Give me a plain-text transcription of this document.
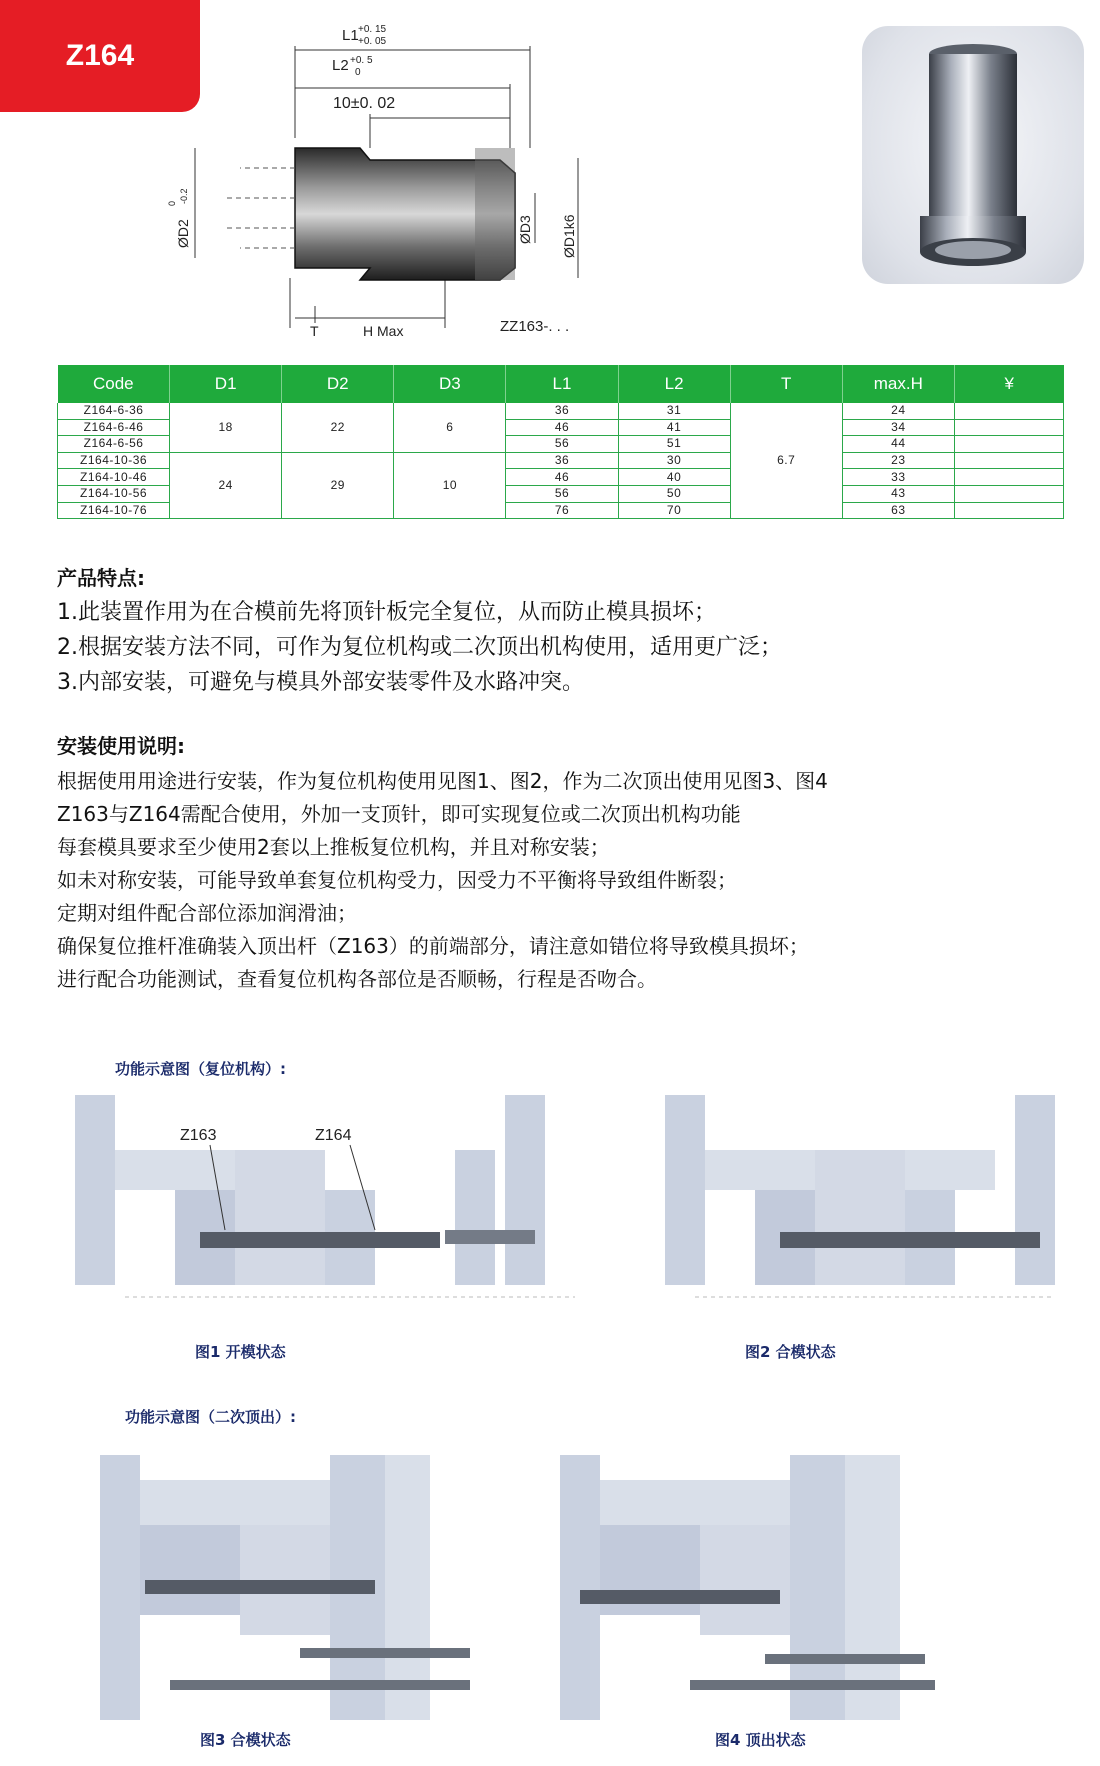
Z164
L1 +0. 15
+0. 05
L2 +0. 5
0
10±0. 02
ØD2
0 -0.2
ØD3 ØD1k6
T	H Max	ZZ163-. . .
Code	D1	D2	D3	L1	L2	T	max.H	¥
Z164-6-36	18	22	6	36	31	6.7	24	
Z164-6-46				46	41		34	
Z164-6-56				56	51		44	
Z164-10-36	24	29	10	36	30		23	
Z164-10-46				46	40		33	
Z164-10-56				56	50		43	
Z164-10-76				76	70		63	
产品特点:
1.此装置作用为在合模前先将顶针板完全复位，从而防止模具损坏；
2.根据安装方法不同，可作为复位机构或二次顶出机构使用，适用更广泛；
3.内部安装，可避免与模具外部安装零件及水路冲突。
安装使用说明:
根据使用用途进行安装，作为复位机构使用见图1、图2，作为二次顶出使用见图3、图4
Z163与Z164需配合使用，外加一支顶针，即可实现复位或二次顶出机构功能
每套模具要求至少使用2套以上推板复位机构，并且对称安装；
如未对称安装，可能导致单套复位机构受力，因受力不平衡将导致组件断裂；
定期对组件配合部位添加润滑油；
确保复位推杆准确装入顶出杆（Z163）的前端部分，请注意如错位将导致模具损坏；
进行配合功能测试，查看复位机构各部位是否顺畅，行程是否吻合。
功能示意图（复位机构）:
Z163	Z164
图1 开模状态	图2 合模状态
功能示意图（二次顶出）:
图3 合模状态	图4 顶出状态
